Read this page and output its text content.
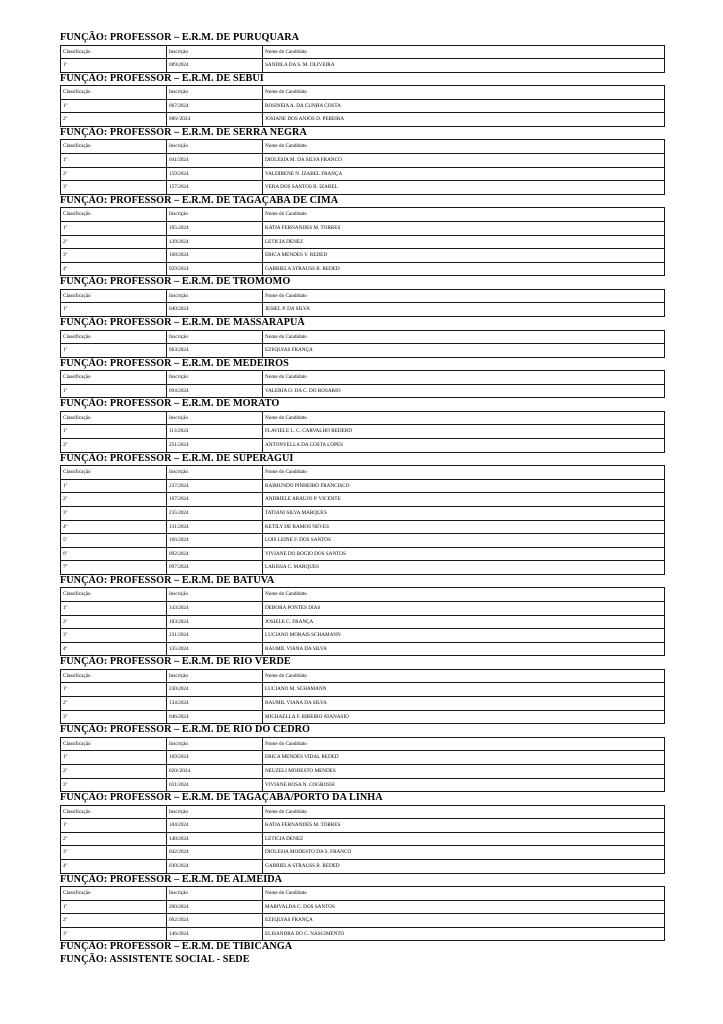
FUNÇÃO: PROFESSOR – E.R.M. DE PURUQUARA
Classificação	Inscrição	Nome do Candidato
1º	089/2024	SANDILA DA S. M. OLIVEIRA
FUNÇÃO: PROFESSOR – E.R.M. DE SEBUI
Classificação	Inscrição	Nome do Candidato
1º	067/2024	ROSINEIA A. DA CUNHA COSTA
2º	086//2024	JOSIANE DOS ANJOS D. PEREIRA
FUNÇÃO: PROFESSOR – E.R.M. DE SERRA NEGRA
Classificação	Inscrição	Nome do Candidato
1º	041/2024	DIOLESIA M. DA SILVA FRANCO
2º	159/2024	VALDIRENE N. IZABEL FRANÇA
3º	157/2024	VERA DOS SANTOS B. IZABEL
FUNÇÃO: PROFESSOR – E.R.M. DE TAGAÇABA DE CIMA
Classificação	Inscrição	Nome do Candidato
1º	105/2024	KATIA FERNANDES M. TORRES
2º	139/2024	LETICIA DENEZ
3º	168/2024	ERICA MENDES V. REDED
4º	029/2024	GABRIELA STRAUSS B. REDED
FUNÇÃO: PROFESSOR – E.R.M. DE TROMOMO
Classificação	Inscrição	Nome do Candidato
1º	040/2024	JESIEL P. DA SILVA
FUNÇÃO: PROFESSOR – E.R.M. DE MASSARAPUÃ
Classificação	Inscrição	Nome do Candidato
1º	063/2024	EZEQUIAS FRANÇA
FUNÇÃO: PROFESSOR – E.R.M. DE MEDEIROS
Classificação	Inscrição	Nome do Candidato
1º	094/2024	VALERIA O. DA C. DO ROSARIO
FUNÇÃO: PROFESSOR – E.R.M. DE MORATO
Classificação	Inscrição	Nome do Candidato
1º	113/2024	FLAVIELE L. C. CARVALHO REDERD
2º	251/2024	ANTONYELLA DA COSTA LOPES
FUNÇÃO: PROFESSOR – E.R.M. DE SUPERAGUI
Classificação	Inscrição	Nome do Candidato
1º	237/2024	RAIMUNDO PINHEIRO FRANCISCO
2º	167/2024	ANDRIELE ARAUJO P. VICENTE
3º	235/2024	TATIANI SILVA MARQUES
4º	131/2024	KETILY DE RAMOS NEVES
5º	166/2024	LOIS LEINE F. DOS SANTOS
6º	092/2024	VIVIANE DO ROCIO DOS SANTOS
7º	097/2024	LARISSA C. MARQUES
FUNÇÃO: PROFESSOR – E.R.M. DE BATUVA
Classificação	Inscrição	Nome do Candidato
1º	143/2024	DEBORA PONTES DIAS
2º	183/2024	JOSIELE C. FRANÇA
3º	231/2024	LUCIANO MORAIS SCHAMANN
4º	135/2024	RAUMIL VIANA DA SILVA
FUNÇÃO: PROFESSOR – E.R.M. DE RIO VERDE
Classificação	Inscrição	Nome do Candidato
1º	230/2024	LUCIANO M. SCHAMANN
2º	134/2024	RAUMIL VIANA DA SILVA
3º	046/2024	MICHAELLA F. RIBEIRO ATANASIO
FUNÇÃO: PROFESSOR – E.R.M. DE RIO DO CEDRO
Classificação	Inscrição	Nome do Candidato
1º	169/2024	ERICA MENDES VIDAL REDED
2º	020//2024	NEUZELI MODESTO MENDES
3º	031/2024	VIVIANE ROSA N. COGROSSI
FUNÇÃO: PROFESSOR – E.R.M. DE TAGAÇABA/PORTO DA LINHA
Classificação	Inscrição	Nome do Candidato
1º	104/2024	KATIA FERNANDES M. TORRES
2º	140/2024	LETICIA DENEZ
3º	042/2024	DIOLESIA MODESTO DA S. FRANCO
4º	030/2024	GABRIELA STRAUSS B. REDED
FUNÇÃO: PROFESSOR – E.R.M. DE ALMEIDA
Classificação	Inscrição	Nome do Candidato
1º	200/2024	MARIVALDA C. DOS SANTOS
2º	062/2024	EZEQUIAS FRANÇA
3º	146/2024	ELISANDRA DO C. NASCIMENTO
FUNÇÃO: PROFESSOR – E.R.M. DE TIBICANGA
FUNÇÃO: ASSISTENTE SOCIAL - SEDE
